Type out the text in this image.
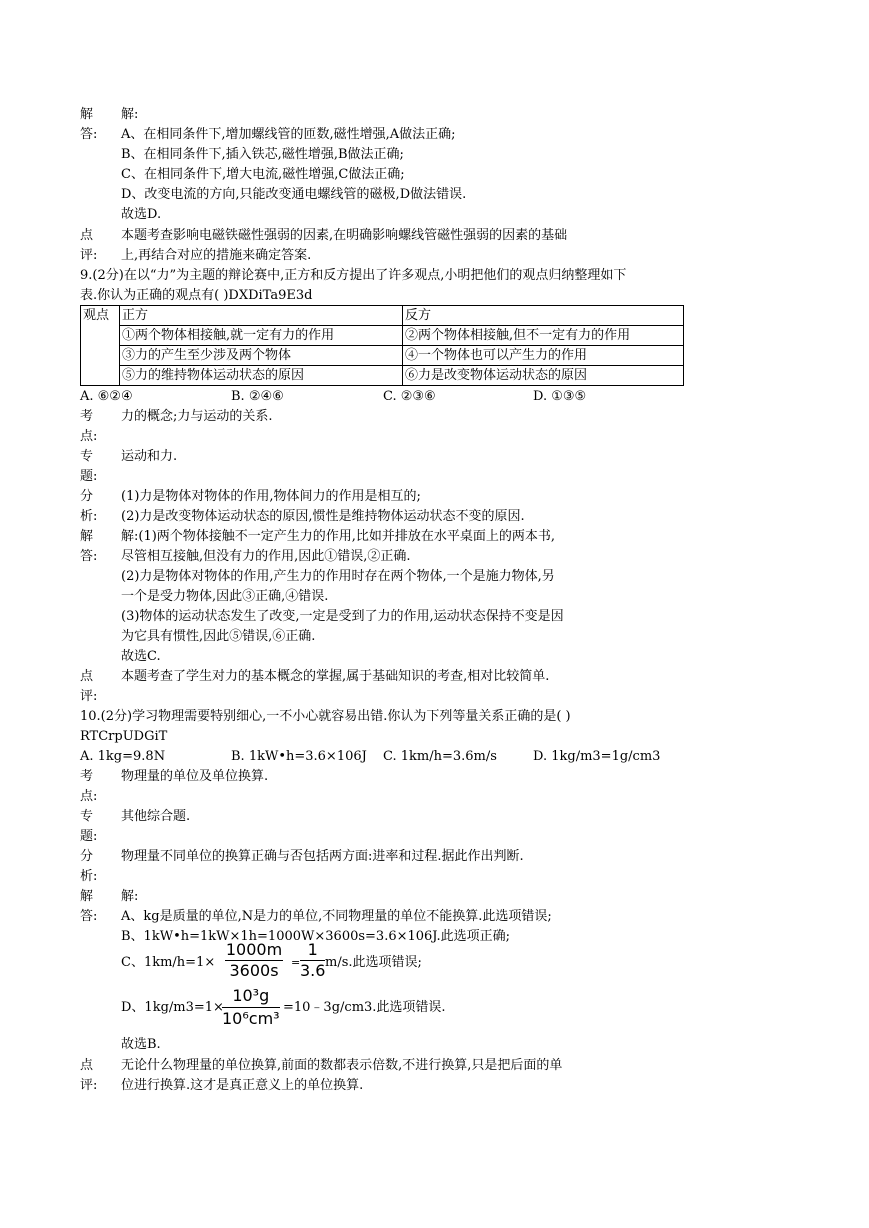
解 解:
答: A、在相同条件下,增加螺线管的匝数,磁性增强,A做法正确;
B、在相同条件下,插入铁芯,磁性增强,B做法正确;
C、在相同条件下,增大电流,磁性增强,C做法正确;
D、改变电流的方向,只能改变通电螺线管的磁极,D做法错误.
故选D.
点 本题考查影响电磁铁磁性强弱的因素,在明确影响螺线管磁性强弱的因素的基础
评: 上,再结合对应的措施来确定答案.
9.(2分)在以“力”为主题的辩论赛中,正方和反方提出了许多观点,小明把他们的观点归纳整理如下
表.你认为正确的观点有( )DXDiTa9E3d
观点	正方	反方
	①两个物体相接触,就一定有力的作用	②两个物体相接触,但不一定有力的作用
	③力的产生至少涉及两个物体	④一个物体也可以产生力的作用
	⑤力的维持物体运动状态的原因	⑥力是改变物体运动状态的原因
A. ⑥②④	B. ②④⑥	C. ②③⑥	D. ①③⑤
考 力的概念;力与运动的关系.
点:
专 运动和力.
题:
分 (1)力是物体对物体的作用,物体间力的作用是相互的;
析: (2)力是改变物体运动状态的原因,惯性是维持物体运动状态不变的原因.
解 解:(1)两个物体接触不一定产生力的作用,比如并排放在水平桌面上的两本书,
答: 尽管相互接触,但没有力的作用,因此①错误,②正确.
(2)力是物体对物体的作用,产生力的作用时存在两个物体,一个是施力物体,另
一个是受力物体,因此③正确,④错误.
(3)物体的运动状态发生了改变,一定是受到了力的作用,运动状态保持不变是因
为它具有惯性,因此⑤错误,⑥正确.
故选C.
点 本题考查了学生对力的基本概念的掌握,属于基础知识的考查,相对比较简单.
评:
10.(2分)学习物理需要特别细心,一不小心就容易出错.你认为下列等量关系正确的是( )
RTCrpUDGiT
A. 1kg=9.8N	B. 1kW•h=3.6×106J C. 1km/h=3.6m/s	D. 1kg/m3=1g/cm3
考 物理量的单位及单位换算.
点:
专 其他综合题.
题:
分 物理量不同单位的换算正确与否包括两方面:进率和过程.据此作出判断.
析:
解 解:
答: A、kg是质量的单位,N是力的单位,不同物理量的单位不能换算.此选项错误;
B、1kW•h=1kW×1h=1000W×3600s=3.6×106J.此选项正确;
C、$1km/h=1\times \frac{1000m}{3600s} = \frac{1}{3.6} m/s$.此选项错误;
D、1kg/m3=1×
$\frac{\text{10³g}}{\text{10⁶cm³}}$ =10﹣3g/cm3.此选项错误.
故选B.
点 无论什么物理量的单位换算,前面的数都表示倍数,不进行换算,只是把后面的单
评: 位进行换算.这才是真正意义上的单位换算.
